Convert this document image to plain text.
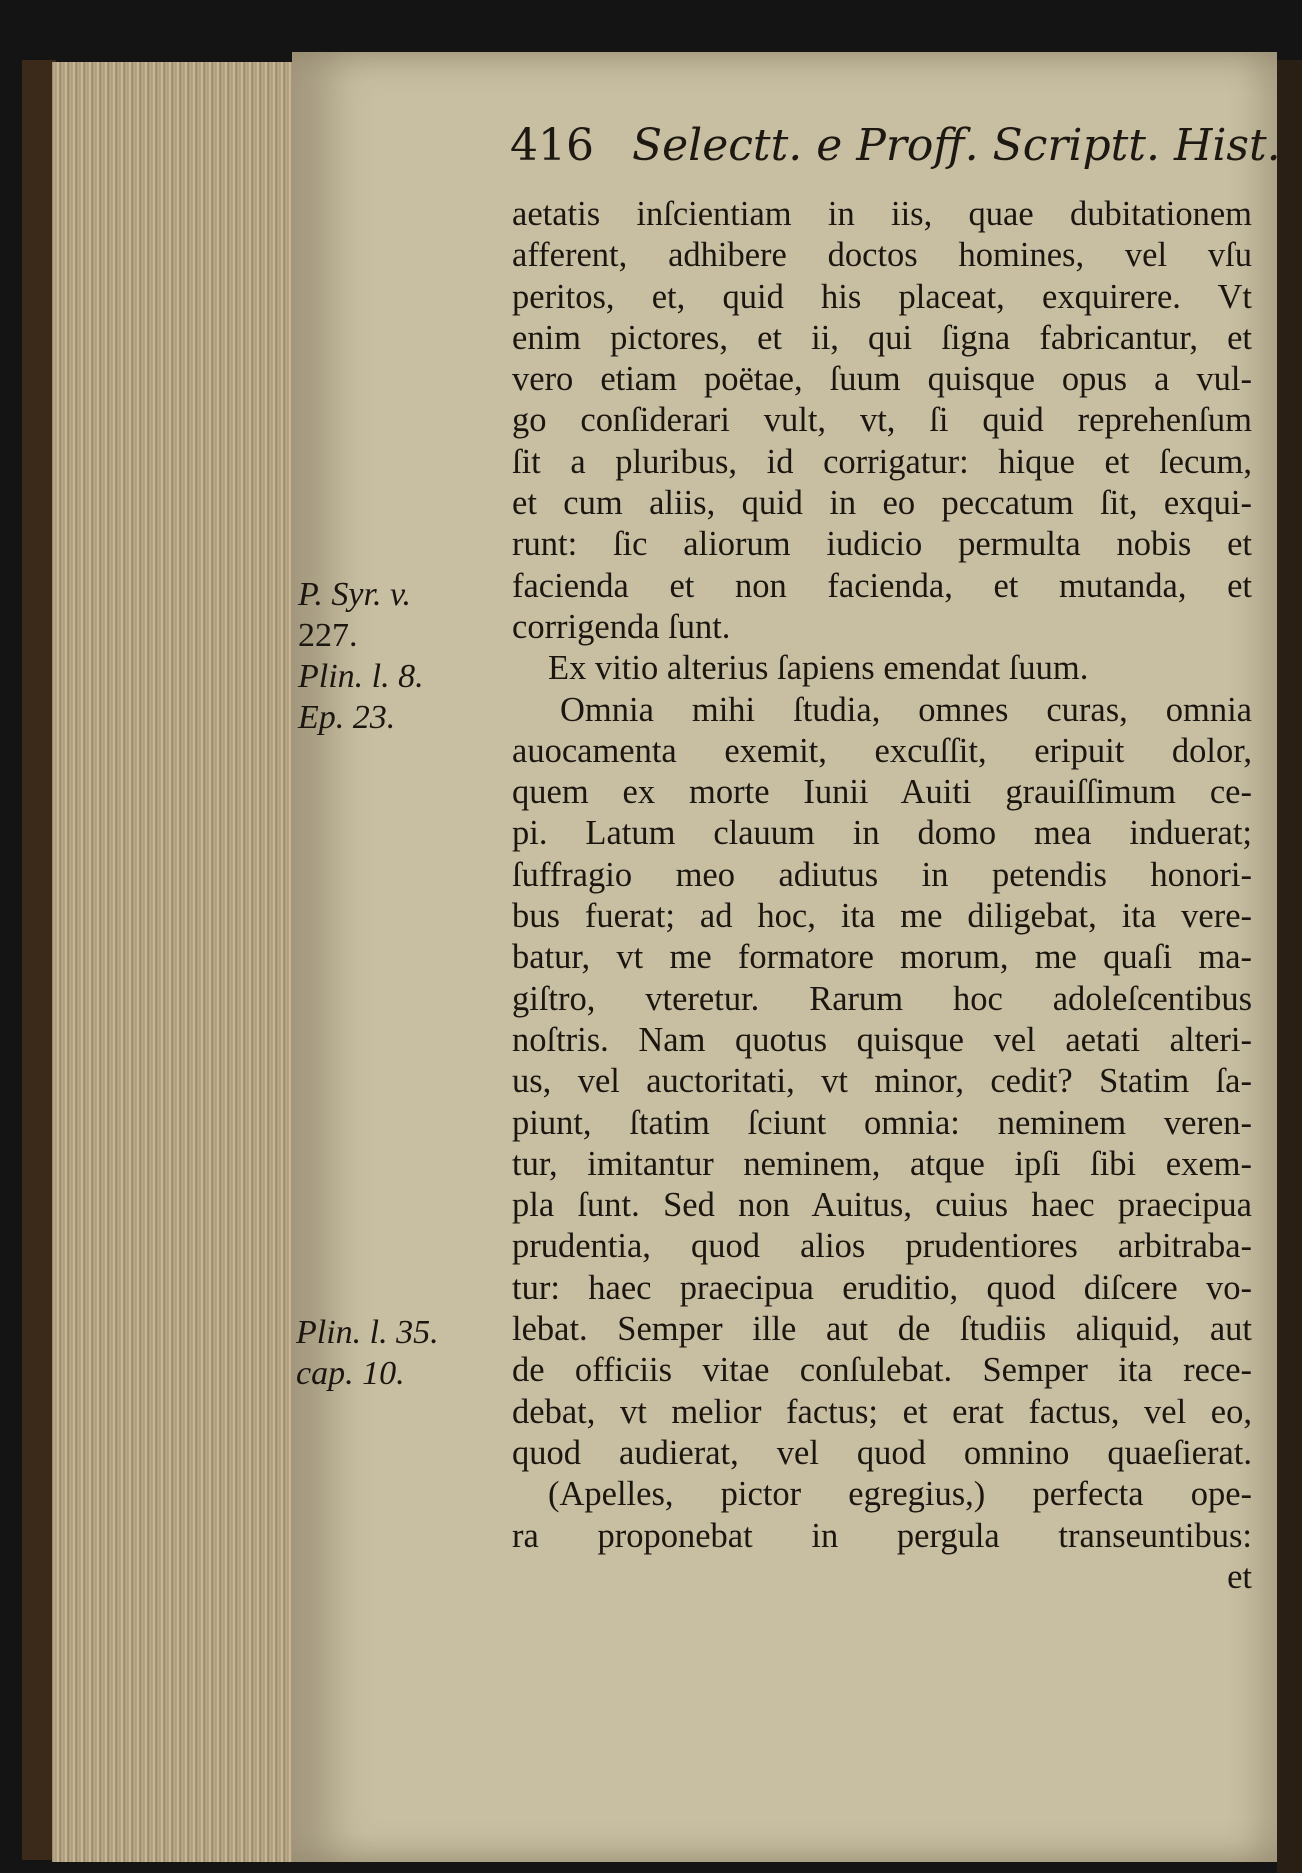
416 Selectt. e Proff. Scriptt. Hist.
P. Syr. v.
227.
Plin. l. 8.
Ep. 23.
Plin. l. 35.
cap. 10.
aetatis inſcientiam in iis, quae dubitationem
afferent, adhibere doctos homines, vel vſu
peritos, et, quid his placeat, exquirere. Vt
enim pictores, et ii, qui ſigna fabricantur, et
vero etiam poëtae, ſuum quisque opus a vul-
go conſiderari vult, vt, ſi quid reprehenſum
ſit a pluribus, id corrigatur: hique et ſecum,
et cum aliis, quid in eo peccatum ſit, exqui-
runt: ſic aliorum iudicio permulta nobis et
facienda et non facienda, et mutanda, et
corrigenda ſunt.
Ex vitio alterius ſapiens emendat ſuum.
Omnia mihi ſtudia, omnes curas, omnia
auocamenta exemit, excuſſit, eripuit dolor,
quem ex morte Iunii Auiti grauiſſimum ce-
pi. Latum clauum in domo mea induerat;
ſuffragio meo adiutus in petendis honori-
bus fuerat; ad hoc, ita me diligebat, ita vere-
batur, vt me formatore morum, me quaſi ma-
giſtro, vteretur. Rarum hoc adoleſcentibus
noſtris. Nam quotus quisque vel aetati alteri-
us, vel auctoritati, vt minor, cedit? Statim ſa-
piunt, ſtatim ſciunt omnia: neminem veren-
tur, imitantur neminem, atque ipſi ſibi exem-
pla ſunt. Sed non Auitus, cuius haec praecipua
prudentia, quod alios prudentiores arbitraba-
tur: haec praecipua eruditio, quod diſcere vo-
lebat. Semper ille aut de ſtudiis aliquid, aut
de officiis vitae conſulebat. Semper ita rece-
debat, vt melior factus; et erat factus, vel eo,
quod audierat, vel quod omnino quaeſierat.
(Apelles, pictor egregius,) perfecta ope-
ra proponebat in pergula transeuntibus:
et
